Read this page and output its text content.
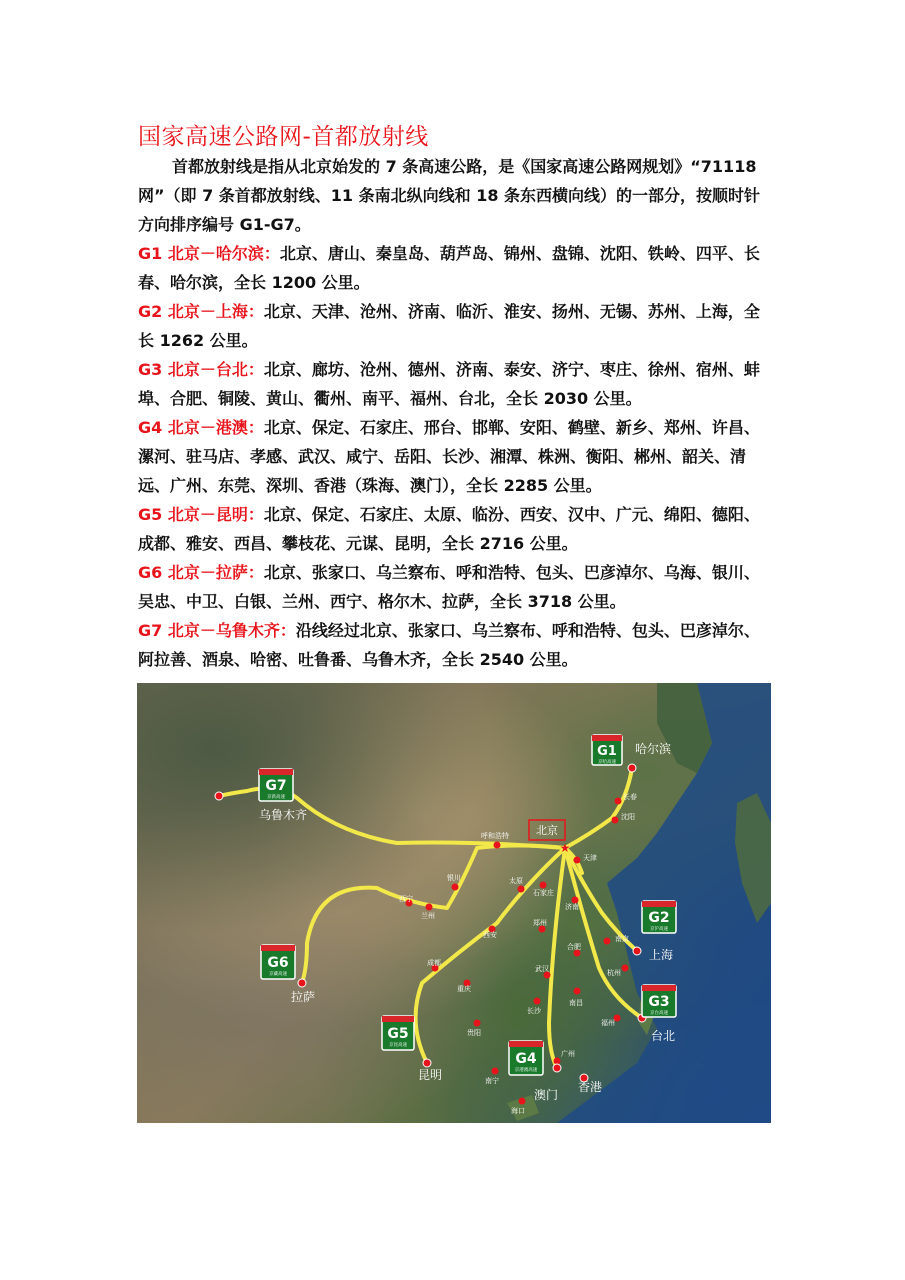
国家高速公路网-首都放射线

首都放射线是指从北京始发的 7 条高速公路，是《国家高速公路网规划》“71118 网”（即 7 条首都放射线、11 条南北纵向线和 18 条东西横向线）的一部分，按顺时针方向排序编号 G1-G7。

G1 北京－哈尔滨：北京、唐山、秦皇岛、葫芦岛、锦州、盘锦、沈阳、铁岭、四平、长春、哈尔滨，全长 1200 公里。

G2 北京－上海：北京、天津、沧州、济南、临沂、淮安、扬州、无锡、苏州、上海，全长 1262 公里。

G3 北京－台北：北京、廊坊、沧州、德州、济南、泰安、济宁、枣庄、徐州、宿州、蚌埠、合肥、铜陵、黄山、衢州、南平、福州、台北，全长 2030 公里。

G4 北京－港澳：北京、保定、石家庄、邢台、邯郸、安阳、鹤壁、新乡、郑州、许昌、漯河、驻马店、孝感、武汉、咸宁、岳阳、长沙、湘潭、株洲、衡阳、郴州、韶关、清远、广州、东莞、深圳、香港（珠海、澳门），全长 2285 公里。

G5 北京－昆明：北京、保定、石家庄、太原、临汾、西安、汉中、广元、绵阳、德阳、成都、雅安、西昌、攀枝花、元谋、昆明，全长 2716 公里。

G6 北京－拉萨：北京、张家口、乌兰察布、呼和浩特、包头、巴彦淖尔、乌海、银川、吴忠、中卫、白银、兰州、西宁、格尔木、拉萨，全长 3718 公里。

G7 北京－乌鲁木齐：沿线经过北京、张家口、乌兰察布、呼和浩特、包头、巴彦淖尔、阿拉善、酒泉、哈密、吐鲁番、乌鲁木齐，全长 2540 公里。

北京
★
长春
沈阳
天津
呼和浩特
银川
兰州
西宁
太原
石家庄
济南
郑州
西安
合肥
南京
杭州
武汉
成都
重庆
长沙
南昌
福州
贵阳
广州
南宁
海口
哈尔滨
上海
台北
香港
澳门
昆明
拉萨
乌鲁木齐
G1
京哈高速
G2
京沪高速
G3
京台高速
G4
京港澳高速
G5
京昆高速
G6
京藏高速
G7
京新高速
